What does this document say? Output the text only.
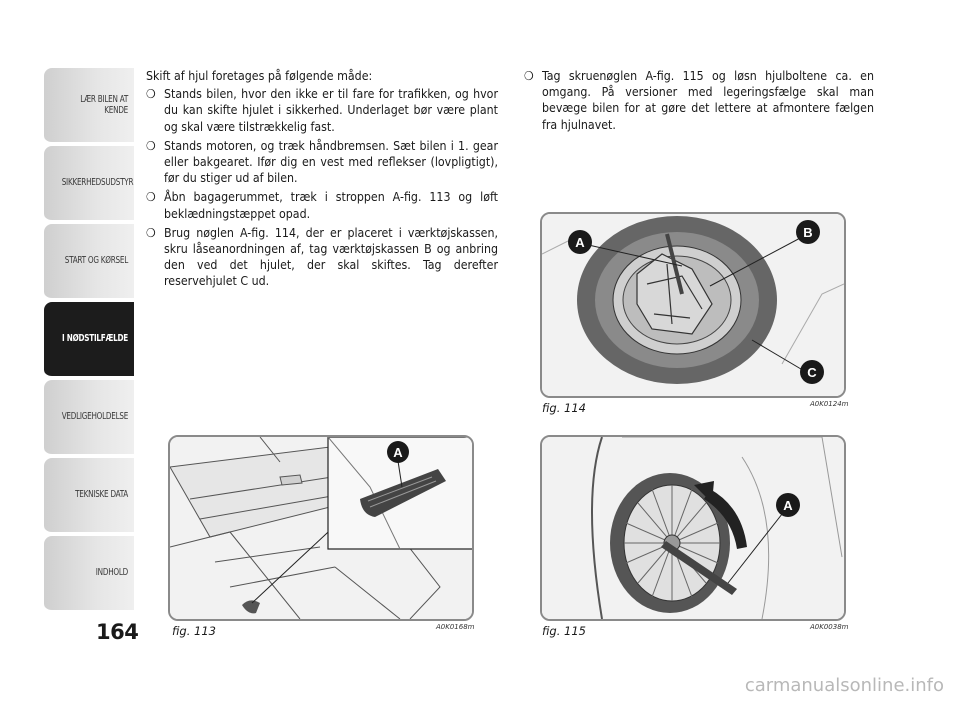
LÆR BILEN AT KENDE
SIKKERHEDSUDSTYR
START OG KØRSEL
I NØDSTILFÆLDE
VEDLIGEHOLDELSE
TEKNISKE DATA
INDHOLD
164

Skift af hjul foretages på følgende måde:

❍ Stands bilen, hvor den ikke er til fare for trafikken, og hvor du kan skifte hjulet i sikkerhed. Underlaget bør være plant og skal være tilstrækkelig fast.
❍ Stands motoren, og træk håndbremsen. Sæt bilen i 1. gear eller bakgearet. Ifør dig en vest med reflekser (lovpligtigt), før du stiger ud af bilen.
❍ Åbn bagagerummet, træk i stroppen A-fig. 113 og løft beklædningstæppet opad.
❍ Brug nøglen A-fig. 114, der er placeret i værktøjskassen, skru låseanordningen af, tag værktøjskassen B og anbring den ved det hjulet, der skal skiftes. Tag derefter reservehjulet C ud.
❍ Tag skruenøglen A-fig. 115 og løsn hjulboltene ca. en omgang. På versioner med legeringsfælge skal man bevæge bilen for at gøre det lettere at afmontere fælgen fra hjulnavet.
A
fig. 113	A0K0168m
A
B
C
fig. 114	A0K0124m
A
fig. 115	A0K0038m
carmanualsonline.info
